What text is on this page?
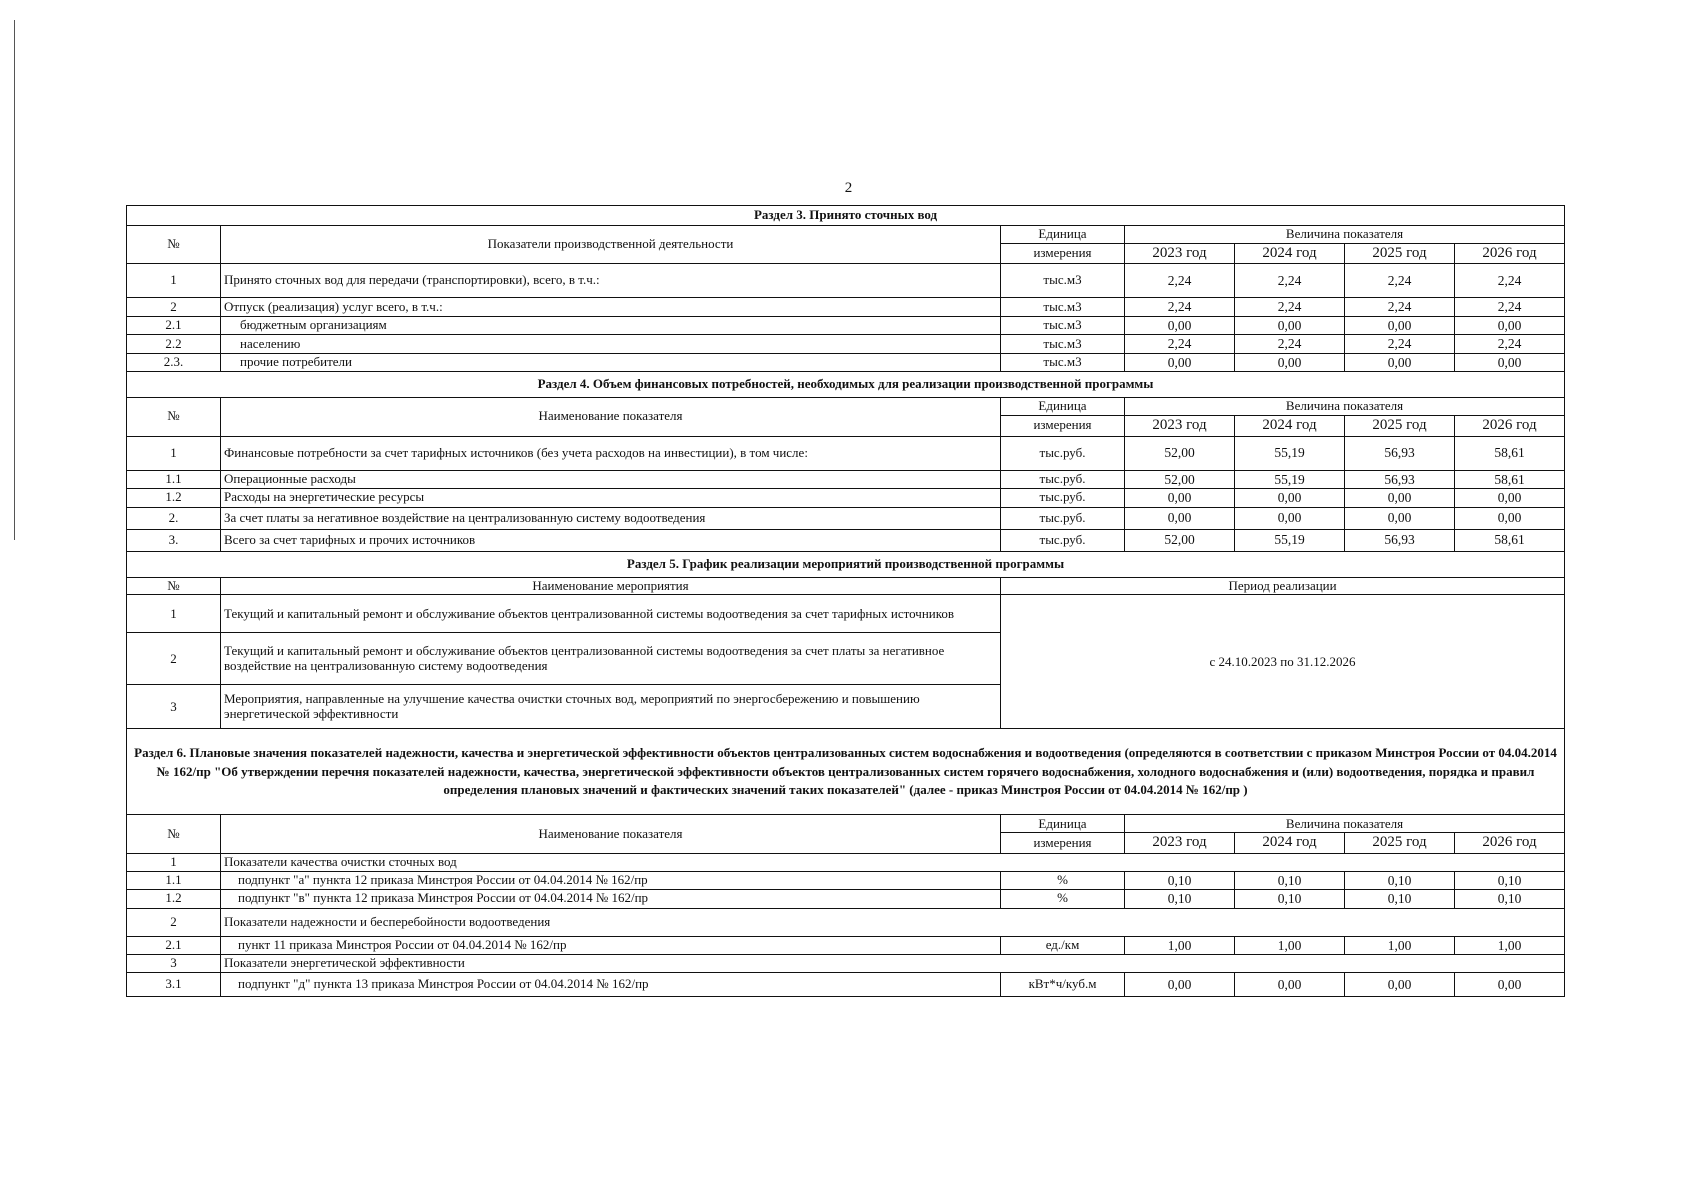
2
Раздел 3. Принято сточных вод						
№	Показатели производственной деятельности	Единица	Величина показателя			
		измерения	2023 год	2024 год	2025 год	2026 год
1	Принято сточных вод для передачи (транспортировки), всего, в т.ч.:	тыс.м3	2,24	2,24	2,24	2,24
2	Отпуск (реализация) услуг всего, в т.ч.:	тыс.м3	2,24	2,24	2,24	2,24
2.1	бюджетным организациям	тыс.м3	0,00	0,00	0,00	0,00
2.2	населению	тыс.м3	2,24	2,24	2,24	2,24
2.3.	прочие потребители	тыс.м3	0,00	0,00	0,00	0,00
Раздел 4. Объем финансовых потребностей, необходимых для реализации производственной программы						
№	Наименование показателя	Единица	Величина показателя			
		измерения	2023 год	2024 год	2025 год	2026 год
1	Финансовые потребности за счет тарифных источников (без учета расходов на инвестиции), в том числе:	тыс.руб.	52,00	55,19	56,93	58,61
1.1	Операционные расходы	тыс.руб.	52,00	55,19	56,93	58,61
1.2	Расходы на энергетические ресурсы	тыс.руб.	0,00	0,00	0,00	0,00
2.	За счет платы за негативное воздействие на централизованную систему водоотведения	тыс.руб.	0,00	0,00	0,00	0,00
3.	Всего за счет тарифных и прочих источников	тыс.руб.	52,00	55,19	56,93	58,61
Раздел 5. График реализации мероприятий производственной программы						
№	Наименование мероприятия	Период реализации				
1	Текущий и капитальный ремонт и обслуживание объектов централизованной системы водоотведения за счет тарифных источников	с 24.10.2023 по 31.12.2026				
2	Текущий и капитальный ремонт и обслуживание объектов централизованной системы водоотведения за счет платы за негативное воздействие на централизованную систему водоотведения					
3	Мероприятия, направленные на улучшение качества очистки сточных вод, мероприятий по энергосбережению и повышению энергетической эффективности					
Раздел 6. Плановые значения показателей надежности, качества и энергетической эффективности объектов централизованных систем водоснабжения и водоотведения (определяются в соответствии с приказом Минстроя России от 04.04.2014 № 162/пр "Об утверждении перечня показателей надежности, качества, энергетической эффективности объектов централизованных систем горячего водоснабжения, холодного водоснабжения и (или) водоотведения, порядка и правил определения плановых значений и фактических значений таких показателей" (далее - приказ Минстроя России от 04.04.2014 № 162/пр )						
№	Наименование показателя	Единица	Величина показателя			
		измерения	2023 год	2024 год	2025 год	2026 год
1	Показатели качества очистки сточных вод					
1.1	подпункт "а" пункта 12 приказа Минстроя России от 04.04.2014 № 162/пр	%	0,10	0,10	0,10	0,10
1.2	подпункт "в" пункта 12 приказа Минстроя России от 04.04.2014 № 162/пр	%	0,10	0,10	0,10	0,10
2	Показатели надежности и бесперебойности водоотведения					
2.1	пункт 11 приказа Минстроя России от 04.04.2014 № 162/пр	ед./км	1,00	1,00	1,00	1,00
3	Показатели энергетической эффективности					
3.1	подпункт "д" пункта 13 приказа Минстроя России от 04.04.2014 № 162/пр	кВт*ч/куб.м	0,00	0,00	0,00	0,00
